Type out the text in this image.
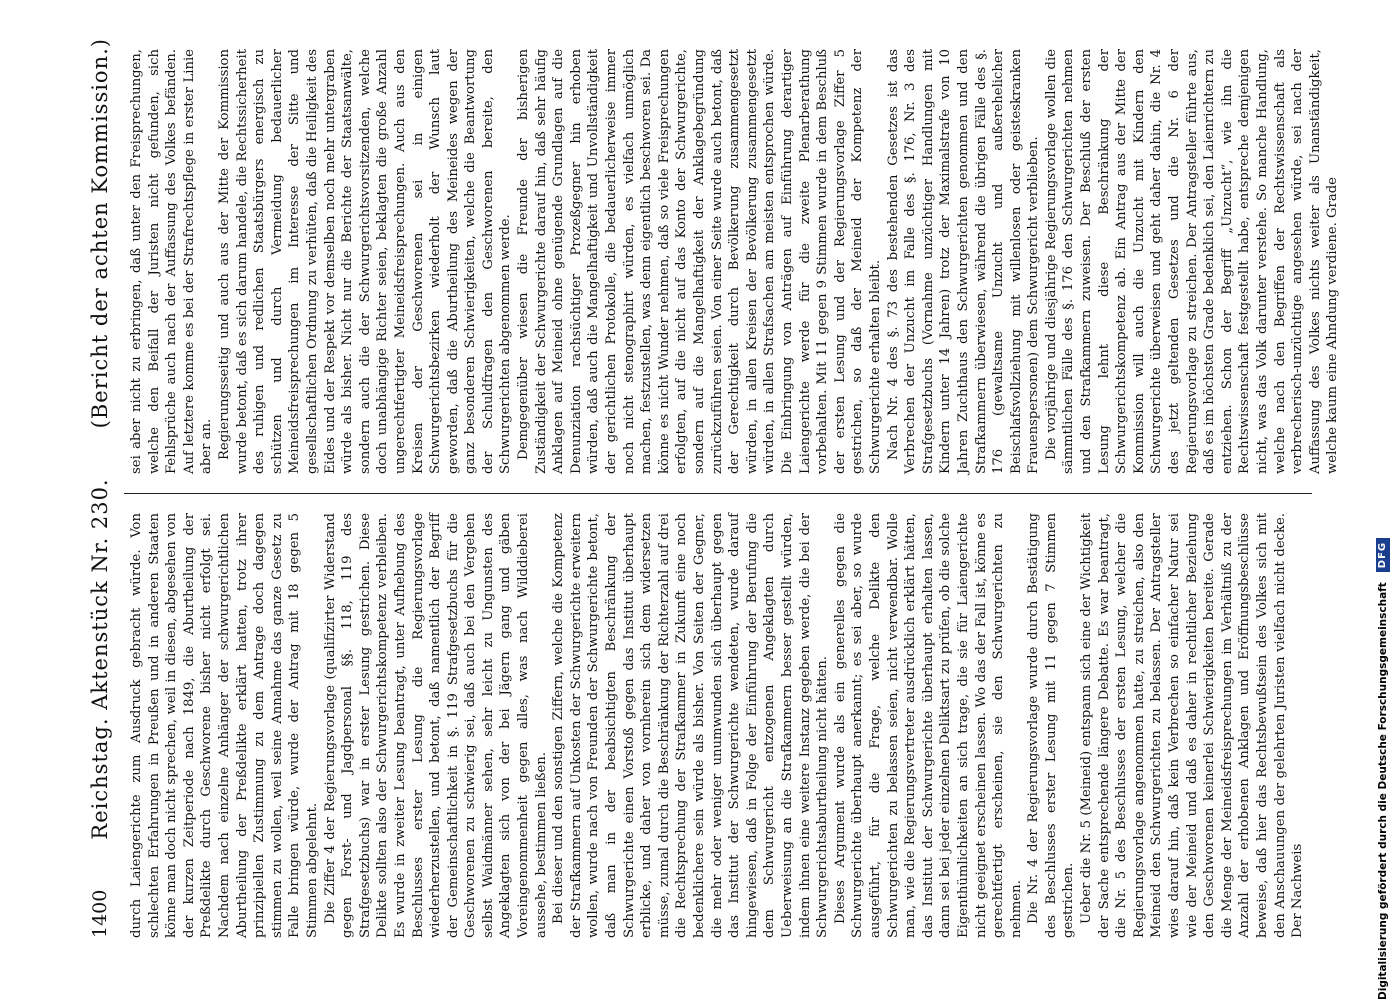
1400
Reichstag. Aktenstück Nr. 230.
(Bericht der achten Kommission.)

durch Laiengerichte zum Ausdruck gebracht würde. Von schlechten Erfahrungen in Preußen und in anderen Staaten könne man doch nicht sprechen, weil in diesen, abgesehen von der kurzen Zeitperiode nach 1849, die Aburtheilung der Preßdelikte durch Geschworene bisher nicht erfolgt sei. Nachdem nach einzelne Anhänger der schwurgerichtlichen Aburtheilung der Preßdelikte erklärt hatten, trotz ihrer prinzipiellen Zustimmung zu dem Antrage doch dagegen stimmen zu wollen, weil seine Annahme das ganze Gesetz zu Falle bringen würde, wurde der Antrag mit 18 gegen 5 Stimmen abgelehnt. Die Ziffer 4 der Regierungsvorlage (qualifizirter Widerstand gegen Forst- und Jagdpersonal §§. 118, 119 des Strafgesetzbuchs) war in erster Lesung gestrichen. Diese Delikte sollten also der Schwurgerichtskompetenz verbleiben. Es wurde in zweiter Lesung beantragt, unter Aufhebung des Beschlusses erster Lesung die Regierungsvorlage wiederherzustellen, und betont, daß namentlich der Begriff der Gemeinschaftlichkeit in §. 119 Strafgesetzbuchs für die Geschworenen zu schwierig sei, daß auch bei den Vergehen selbst Waidmänner sehen, sehr leicht zu Ungunsten des Angeklagten sich von der bei Jägern gang und gäben Voreingenommenheit gegen alles, was nach Wilddieberei aussehe, bestimmen ließen. Bei dieser und den sonstigen Ziffern, welche die Kompetenz der Strafkammern auf Unkosten der Schwurgerichte erweitern wollen, wurde nach von Freunden der Schwurgerichte betont, daß man in der beabsichtigten Beschränkung der Schwurgerichte einen Vorstoß gegen das Institut überhaupt erblicke, und daher von vornherein sich dem widersetzen müsse, zumal durch die Beschränkung der Richterzahl auf drei die Rechtsprechung der Strafkammer in Zukunft eine noch bedenklichere sein würde als bisher. Von Seiten der Gegner, die mehr oder weniger unumwunden sich überhaupt gegen das Institut der Schwurgerichte wendeten, wurde darauf hingewiesen, daß in Folge der Einführung der Berufung die dem Schwurgericht entzogenen Angeklagten durch Ueberweisung an die Strafkammern besser gestellt würden, indem ihnen eine weitere Instanz gegeben werde, die bei der Schwurgerichtsaburtheilung nicht hätten. Dieses Argument wurde als ein generelles gegen die Schwurgerichte überhaupt anerkannt; es sei aber, so wurde ausgeführt, für die Frage, welche Delikte den Schwurgerichten zu belassen seien, nicht verwendbar. Wolle man, wie die Regierungsvertreter ausdrücklich erklärt hätten, das Institut der Schwurgerichte überhaupt erhalten lassen, dann sei bei jeder einzelnen Deliktsart zu prüfen, ob die solche Eigenthümlichkeiten an sich trage, die sie für Laiengerichte nicht geeignet erscheinen lassen. Wo das der Fall ist, könne es gerechtfertigt erscheinen, sie den Schwurgerichten zu nehmen. Die Nr. 4 der Regierungsvorlage wurde durch Bestätigung des Beschlusses erster Lesung mit 11 gegen 7 Stimmen gestrichen. Ueber die Nr. 5 (Meineid) entspann sich eine der Wichtigkeit der Sache entsprechende längere Debatte. Es war beantragt, die Nr. 5 des Beschlusses der ersten Lesung, welcher die Regierungsvorlage angenommen hatte, zu streichen, also den Meineid den Schwurgerichten zu belassen. Der Antragsteller wies darauf hin, daß kein Verbrechen so einfacher Natur sei wie der Meineid und daß es daher in rechtlicher Beziehung den Geschworenen keinerlei Schwierigkeiten bereite. Gerade die Menge der Meineidsfreisprechungen im Verhältniß zu der Anzahl der erhobenen Anklagen und Eröffnungsbeschlüsse beweise, daß hier das Rechtsbewußtsein des Volkes sich mit den Anschauungen der gelehrten Juristen vielfach nicht decke. Der Nachweis

sei aber nicht zu erbringen, daß unter den Freisprechungen, welche den Beifall der Juristen nicht gefunden, sich Fehlsprüche auch nach der Auffassung des Volkes befänden. Auf letztere komme es bei der Strafrechtspflege in erster Linie aber an. Regierungsseitig und auch aus der Mitte der Kommission wurde betont, daß es sich darum handele, die Rechtssicherheit des ruhigen und redlichen Staatsbürgers energisch zu schützen und durch Vermeidung bedauerlicher Meineidsfreisprechungen im Interesse der Sitte und gesellschaftlichen Ordnung zu verhüten, daß die Heiligkeit des Eides und der Respekt vor demselben noch mehr untergraben würde als bisher. Nicht nur die Berichte der Staatsanwälte, sondern auch die der Schwurgerichtsvorsitzenden, welche doch unabhängige Richter seien, beklagten die große Anzahl ungerechtfertigter Meineidsfreisprechungen. Auch aus den Kreisen der Geschworenen sei in einigen Schwurgerichtsbezirken wiederholt der Wunsch laut geworden, daß die Aburtheilung des Meineides wegen der ganz besonderen Schwierigkeiten, welche die Beantwortung der Schuldfragen den Geschworenen bereite, den Schwurgerichten abgenommen werde. Demgegenüber wiesen die Freunde der bisherigen Zuständigkeit der Schwurgerichte darauf hin, daß sehr häufig Anklagen auf Meineid ohne genügende Grundlagen auf die Denunziation rachsüchtiger Prozeßgegner hin erhoben würden, daß auch die Mangelhaftigkeit und Unvollständigkeit der gerichtlichen Protokolle, die bedauerlicherweise immer noch nicht stenographirt würden, es vielfach unmöglich machen, festzustellen, was denn eigentlich beschworen sei. Da könne es nicht Wunder nehmen, daß so viele Freisprechungen erfolgten, auf die nicht auf das Konto der Schwurgerichte, sondern auf die Mangelhaftigkeit der Anklagebegründung zurückzuführen seien. Von einer Seite wurde auch betont, daß der Gerechtigkeit durch Bevölkerung zusammengesetzt würden, in allen Kreisen der Bevölkerung zusammengesetzt würden, in allen Strafsachen am meisten entsprochen würde. Die Einbringung von Anträgen auf Einführung derartiger Laiengerichte werde für die zweite Plenarberathung vorbehalten. Mit 11 gegen 9 Stimmen wurde in dem Beschluß der ersten Lesung und der Regierungsvorlage Ziffer 5 gestrichen, so daß der Meineid der Kompetenz der Schwurgerichte erhalten bleibt. Nach Nr. 4 des §. 73 des bestehenden Gesetzes ist das Verbrechen der Unzucht im Falle des §. 176, Nr. 3 des Strafgesetzbuchs (Vornahme unzüchtiger Handlungen mit Kindern unter 14 Jahren) trotz der Maximalstrafe von 10 Jahren Zuchthaus den Schwurgerichten genommen und den Strafkammern überwiesen, während die übrigen Fälle des §. 176 (gewaltsame Unzucht und außerehelicher Beischlafsvollziehung mit willenlosen oder geisteskranken Frauenspersonen) dem Schwurgericht verblieben. Die vorjährige und diesjährige Regierungsvorlage wollen die sämmtlichen Fälle des §. 176 den Schwurgerichten nehmen und den Strafkammern zuweisen. Der Beschluß der ersten Lesung lehnt diese Beschränkung der Schwurgerichtskompetenz ab. Ein Antrag aus der Mitte der Kommission will auch die Unzucht mit Kindern den Schwurgerichte überweisen und geht daher dahin, die Nr. 4 des jetzt geltenden Gesetzes und die Nr. 6 der Regierungsvorlage zu streichen. Der Antragsteller führte aus, daß es im höchsten Grade bedenklich sei, den Laienrichtern zu entziehen. Schon der Begriff „Unzucht“, wie ihn die Rechtswissenschaft festgestellt habe, entspreche demjenigen nicht, was das Volk darunter verstehe. So manche Handlung, welche nach den Begriffen der Rechtswissenschaft als verbrecherisch-unzüchtige angesehen würde, sei nach der Auffassung des Volkes nichts weiter als Unanständigkeit, welche kaum eine Ahndung verdiene. Grade

Digitalisierung gefördert durch die Deutsche Forschungsgemeinschaft
DFG
